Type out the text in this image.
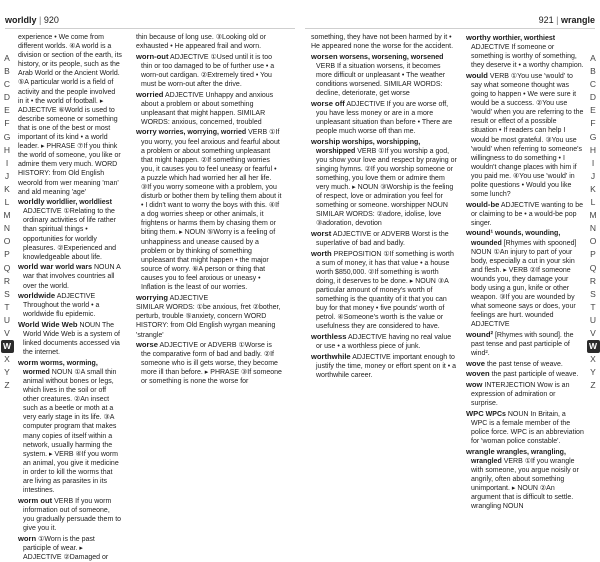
worldly | 920	921 | wrangle
A
B
C
D
E
F
G
H
I
J
K
L
M
N
O
P
Q
R
S
T
U
V
W
X
Y
Z
A
B
C
D
E
F
G
H
I
J
K
L
M
N
O
P
Q
R
S
T
U
V
W
X
Y
Z
experience • We come from different worlds. ④A world is a division or section of the earth, its history, or its people, such as the Arab World or the Ancient World. ⑤A particular world is a field of activity and the people involved in it • the world of football. ▸ ADJECTIVE ⑥World is used to describe someone or something that is one of the best or most important of its kind • a world leader. ▸ PHRASE ⑦If you think the world of someone, you like or admire them very much. WORD HISTORY: from Old English weorold from wer meaning 'man' and ald meaning 'age'
worldly worldlier, worldliest ADJECTIVE ①Relating to the ordinary activities of life rather than spiritual things • opportunities for worldly pleasures. ②Experienced and knowledgeable about life.
world war world wars NOUN A war that involves countries all over the world.
worldwide ADJECTIVE Throughout the world • a worldwide flu epidemic.
World Wide Web NOUN The World Wide Web is a system of linked documents accessed via the internet.
worm worms, worming, wormed NOUN ①A small thin animal without bones or legs, which lives in the soil or off other creatures. ②An insect such as a beetle or moth at a very early stage in its life. ③A computer program that makes many copies of itself within a network, usually harming the system. ▸ VERB ④If you worm an animal, you give it medicine in order to kill the worms that are living as parasites in its intestines.
worm out VERB If you worm information out of someone, you gradually persuade them to give you it.
worn ①Worn is the past participle of wear. ▸ ADJECTIVE ②Damaged or
thin because of long use. ③Looking old or exhausted • He appeared frail and worn.
worn-out ADJECTIVE ①Used until it is too thin or too damaged to be of further use • a worn-out cardigan. ②Extremely tired • You must be worn-out after the drive.
worried ADJECTIVE Unhappy and anxious about a problem or about something unpleasant that might happen. SIMILAR WORDS: anxious, concerned, troubled
worry worries, worrying, worried VERB ①If you worry, you feel anxious and fearful about a problem or about something unpleasant that might happen. ②If something worries you, it causes you to feel uneasy or fearful • a puzzle which had worried her all her life. ③If you worry someone with a problem, you disturb or bother them by telling them about it • I didn't want to worry the boys with this. ④If a dog worries sheep or other animals, it frightens or harms them by chasing them or biting them. ▸ NOUN ⑤Worry is a feeling of unhappiness and unease caused by a problem or by thinking of something unpleasant that might happen • the major source of worry. ⑥A person or thing that causes you to feel anxious or uneasy • Inflation is the least of our worries.
worrying ADJECTIVE
SIMILAR WORDS: ①be anxious, fret ②bother, perturb, trouble ⑤anxiety, concern WORD HISTORY: from Old English wyrgan meaning 'strangle'
worse ADJECTIVE or ADVERB ①Worse is the comparative form of bad and badly. ②If someone who is ill gets worse, they become more ill than before. ▸ PHRASE ③If someone or something is none the worse for
something, they have not been harmed by it • He appeared none the worse for the accident.
worsen worsens, worsening, worsened VERB If a situation worsens, it becomes more difficult or unpleasant • The weather conditions worsened. SIMILAR WORDS: decline, deteriorate, get worse
worse off ADJECTIVE If you are worse off, you have less money or are in a more unpleasant situation than before • There are people much worse off than me.
worship worships, worshipping, worshipped VERB ①If you worship a god, you show your love and respect by praying or singing hymns. ②If you worship someone or something, you love them or admire them very much. ▸ NOUN ③Worship is the feeling of respect, love or admiration you feel for something or someone. worshipper NOUN SIMILAR WORDS: ②adore, idolise, love ③adoration, devotion
worst ADJECTIVE or ADVERB Worst is the superlative of bad and badly.
worth PREPOSITION ①If something is worth a sum of money, it has that value • a house worth $850,000. ②If something is worth doing, it deserves to be done. ▸ NOUN ③A particular amount of money's worth of something is the quantity of it that you can buy for that money • five pounds' worth of petrol. ④Someone's worth is the value or usefulness they are considered to have.
worthless ADJECTIVE having no real value or use • a worthless piece of junk.
worthwhile ADJECTIVE important enough to justify the time, money or effort spent on it • a worthwhile career.
worthy worthier, worthiest ADJECTIVE If someone or something is worthy of something, they deserve it • a worthy champion.
would VERB ①You use 'would' to say what someone thought was going to happen • We were sure it would be a success. ②You use 'would' when you are referring to the result or effect of a possible situation • If readers can help I would be most grateful. ③You use 'would' when referring to someone's willingness to do something • I wouldn't change places with him if you paid me. ④You use 'would' in polite questions • Would you like some lunch?
would-be ADJECTIVE wanting to be or claiming to be • a would-be pop singer.
wound¹ wounds, wounding, wounded [Rhymes with spooned] NOUN ①An injury to part of your body, especially a cut in your skin and flesh. ▸ VERB ②If someone wounds you, they damage your body using a gun, knife or other weapon. ③If you are wounded by what someone says or does, your feelings are hurt. wounded ADJECTIVE
wound² [Rhymes with sound]. the past tense and past participle of wind².
wove the past tense of weave.
woven the past participle of weave.
wow INTERJECTION Wow is an expression of admiration or surprise.
WPC WPCs NOUN In Britain, a WPC is a female member of the police force. WPC is an abbreviation for 'woman police constable'.
wrangle wrangles, wrangling, wrangled VERB ①If you wrangle with someone, you argue noisily or angrily, often about something unimportant. ▸ NOUN ②An argument that is difficult to settle. wrangling NOUN
